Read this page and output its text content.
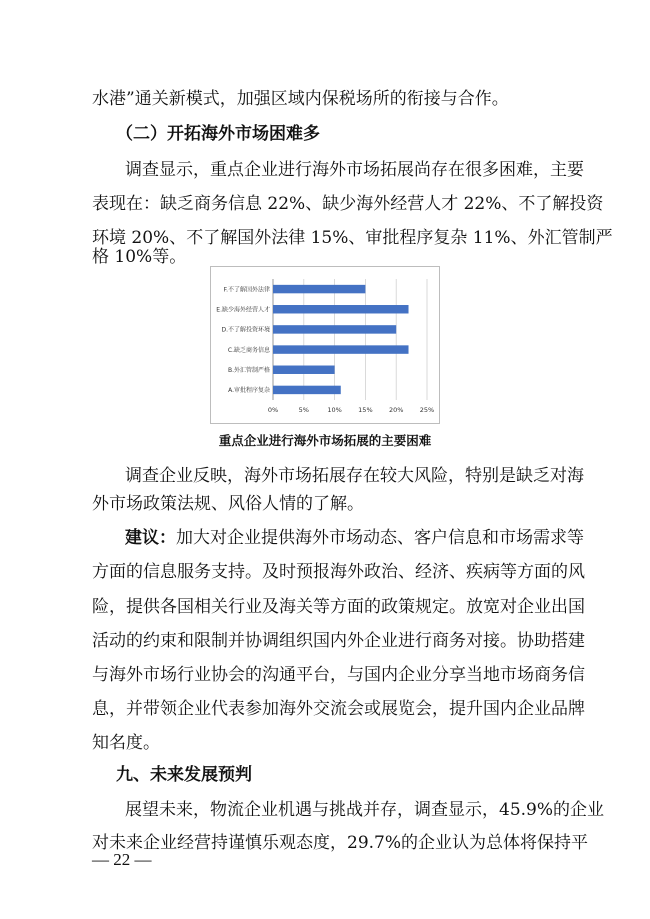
水港”通关新模式，加强区域内保税场所的衔接与合作。
（二）开拓海外市场困难多
调查显示，重点企业进行海外市场拓展尚存在很多困难，主要
表现在：缺乏商务信息 22%、缺少海外经营人才 22%、不了解投资
环境 20%、不了解国外法律 15%、审批程序复杂 11%、外汇管制严
格 10%等。
0%	5%	10%	15%	20%	25%
F.不了解国外法律
E.缺少海外经营人才
D.不了解投资环境
C.缺乏商务信息
B.外汇管制严格
A.审批程序复杂
重点企业进行海外市场拓展的主要困难
调查企业反映，海外市场拓展存在较大风险，特别是缺乏对海
外市场政策法规、风俗人情的了解。
建议：加大对企业提供海外市场动态、客户信息和市场需求等
方面的信息服务支持。及时预报海外政治、经济、疾病等方面的风
险，提供各国相关行业及海关等方面的政策规定。放宽对企业出国
活动的约束和限制并协调组织国内外企业进行商务对接。协助搭建
与海外市场行业协会的沟通平台，与国内企业分享当地市场商务信
息，并带领企业代表参加海外交流会或展览会，提升国内企业品牌
知名度。
九、未来发展预判
展望未来，物流企业机遇与挑战并存，调查显示，45.9%的企业
对未来企业经营持谨慎乐观态度，29.7%的企业认为总体将保持平
— 22 —
